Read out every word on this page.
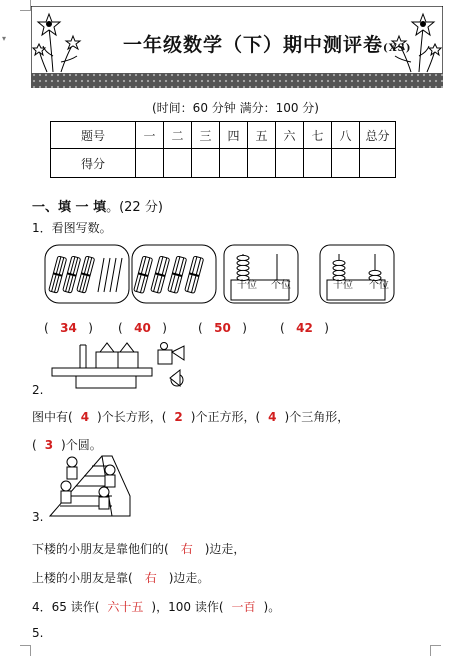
▾	一年级数学（下）期中测评卷(XS)
(时间：60 分钟 满分：100 分)
题号	一	二	三	四	五	六	七	八	总分
得分									
一、填 一 填。(22 分)
1．看图写数。
十位 个位	十位 个位
(   34   ) (   40   )	(   50   )	(   42   )
2.
图中有( 4 )个长方形，( 2 )个正方形，( 4 )个三角形，
( 3 )个圆。
3.
下楼的小朋友是靠他们的( 右 )边走，
上楼的小朋友是靠( 右 )边走。
4．65 读作( 六十五 )，100 读作( 一百 )。
5.
